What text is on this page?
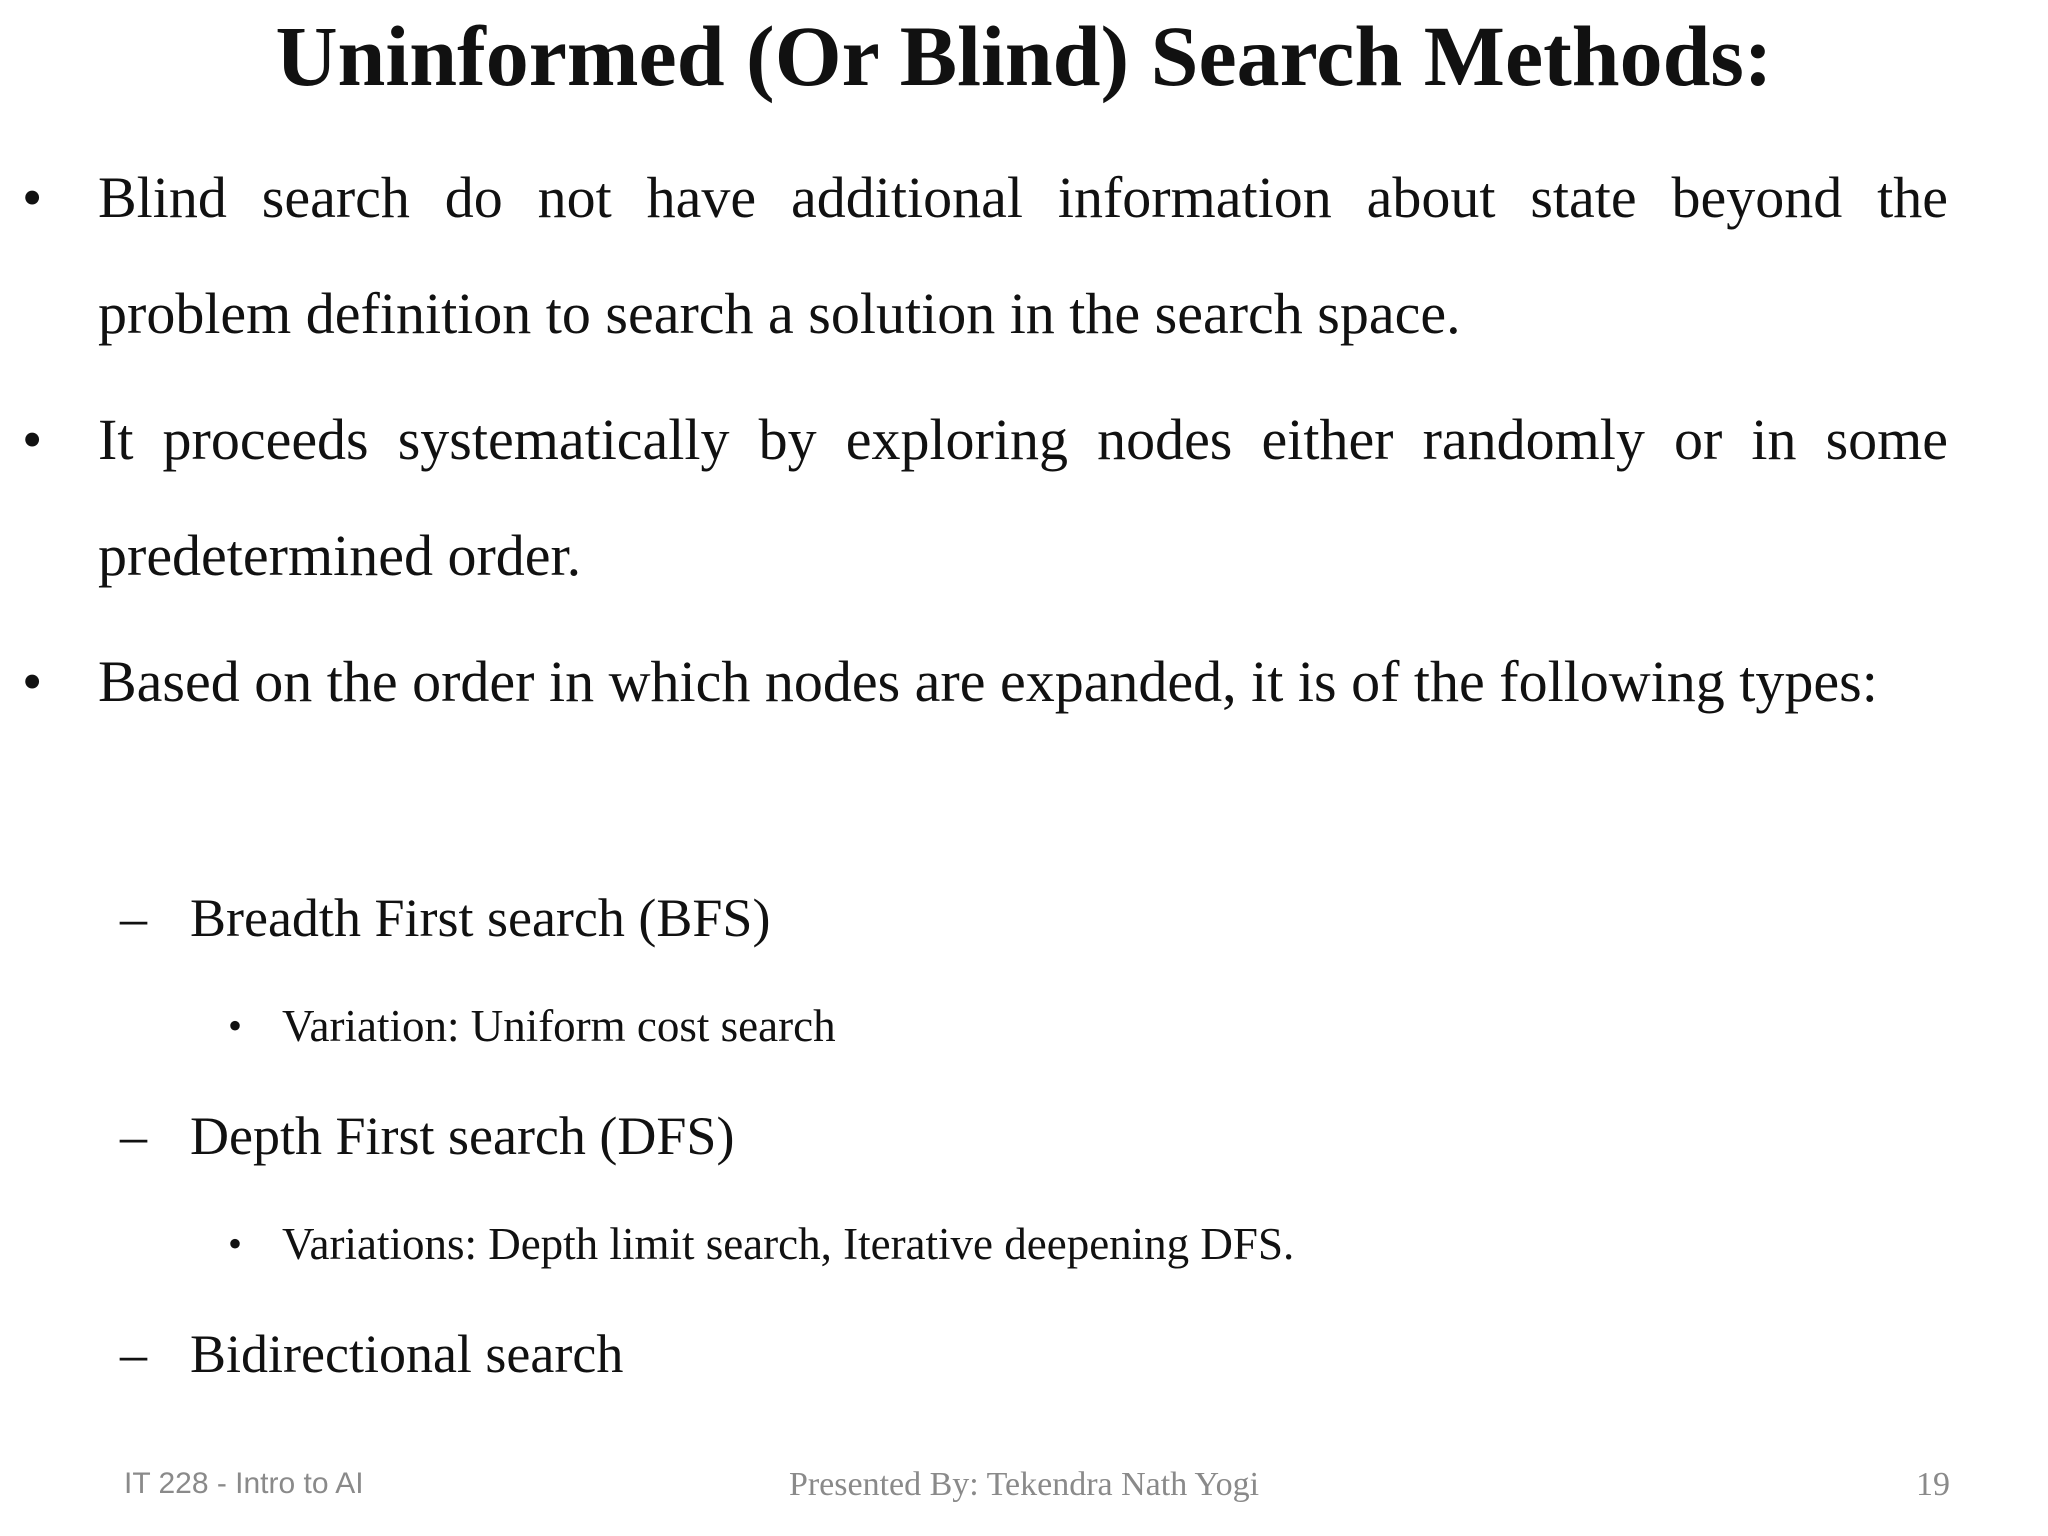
Uninformed (Or Blind) Search Methods:
• Blind search do not have additional information about state beyond the problem definition to search a solution in the search space.
• It proceeds systematically by exploring nodes either randomly or in some predetermined order.
• Based on the order in which nodes are expanded, it is of the following types:
– Breadth First search (BFS)
• Variation: Uniform cost search
– Depth First search (DFS)
• Variations: Depth limit search, Iterative deepening DFS.
– Bidirectional search
IT 228 - Intro to AI	Presented By: Tekendra Nath Yogi	19
